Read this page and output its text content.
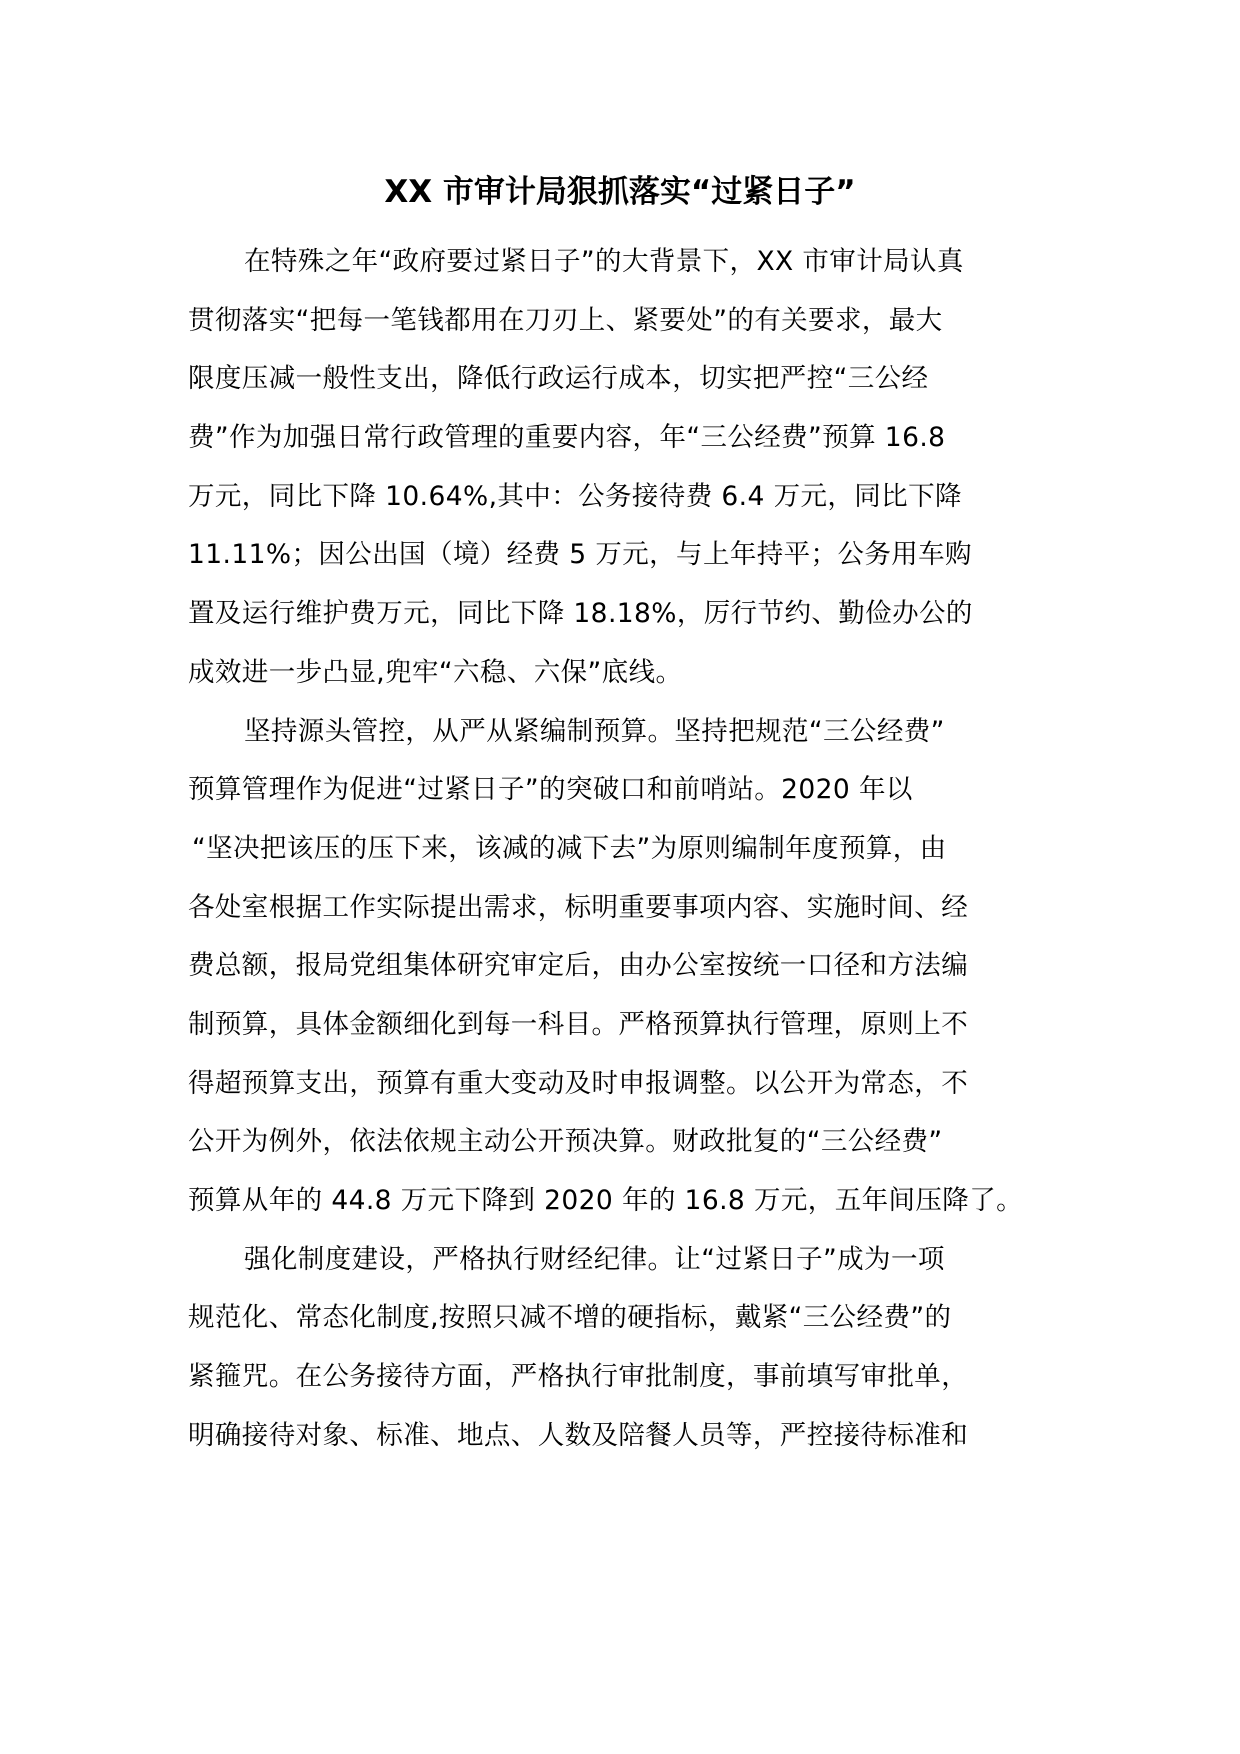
XX 市审计局狠抓落实“过紧日子”
在特殊之年“政府要过紧日子”的大背景下，XX 市审计局认真
贯彻落实“把每一笔钱都用在刀刃上、紧要处”的有关要求，最大
限度压减一般性支出，降低行政运行成本，切实把严控“三公经
费”作为加强日常行政管理的重要内容，年“三公经费”预算 16.8
万元，同比下降 10.64%,其中：公务接待费 6.4 万元，同比下降
11.11%；因公出国（境）经费 5 万元，与上年持平；公务用车购
置及运行维护费万元，同比下降 18.18%，厉行节约、勤俭办公的
成效进一步凸显,兜牢“六稳、六保”底线。
坚持源头管控，从严从紧编制预算。坚持把规范“三公经费”
预算管理作为促进“过紧日子”的突破口和前哨站。2020 年以
“坚决把该压的压下来，该减的减下去”为原则编制年度预算，由
各处室根据工作实际提出需求，标明重要事项内容、实施时间、经
费总额，报局党组集体研究审定后，由办公室按统一口径和方法编
制预算，具体金额细化到每一科目。严格预算执行管理，原则上不
得超预算支出，预算有重大变动及时申报调整。以公开为常态，不
公开为例外，依法依规主动公开预决算。财政批复的“三公经费”
预算从年的 44.8 万元下降到 2020 年的 16.8 万元，五年间压降了。
强化制度建设，严格执行财经纪律。让“过紧日子”成为一项
规范化、常态化制度,按照只减不增的硬指标，戴紧“三公经费”的
紧箍咒。在公务接待方面，严格执行审批制度，事前填写审批单，
明确接待对象、标准、地点、人数及陪餐人员等，严控接待标准和
